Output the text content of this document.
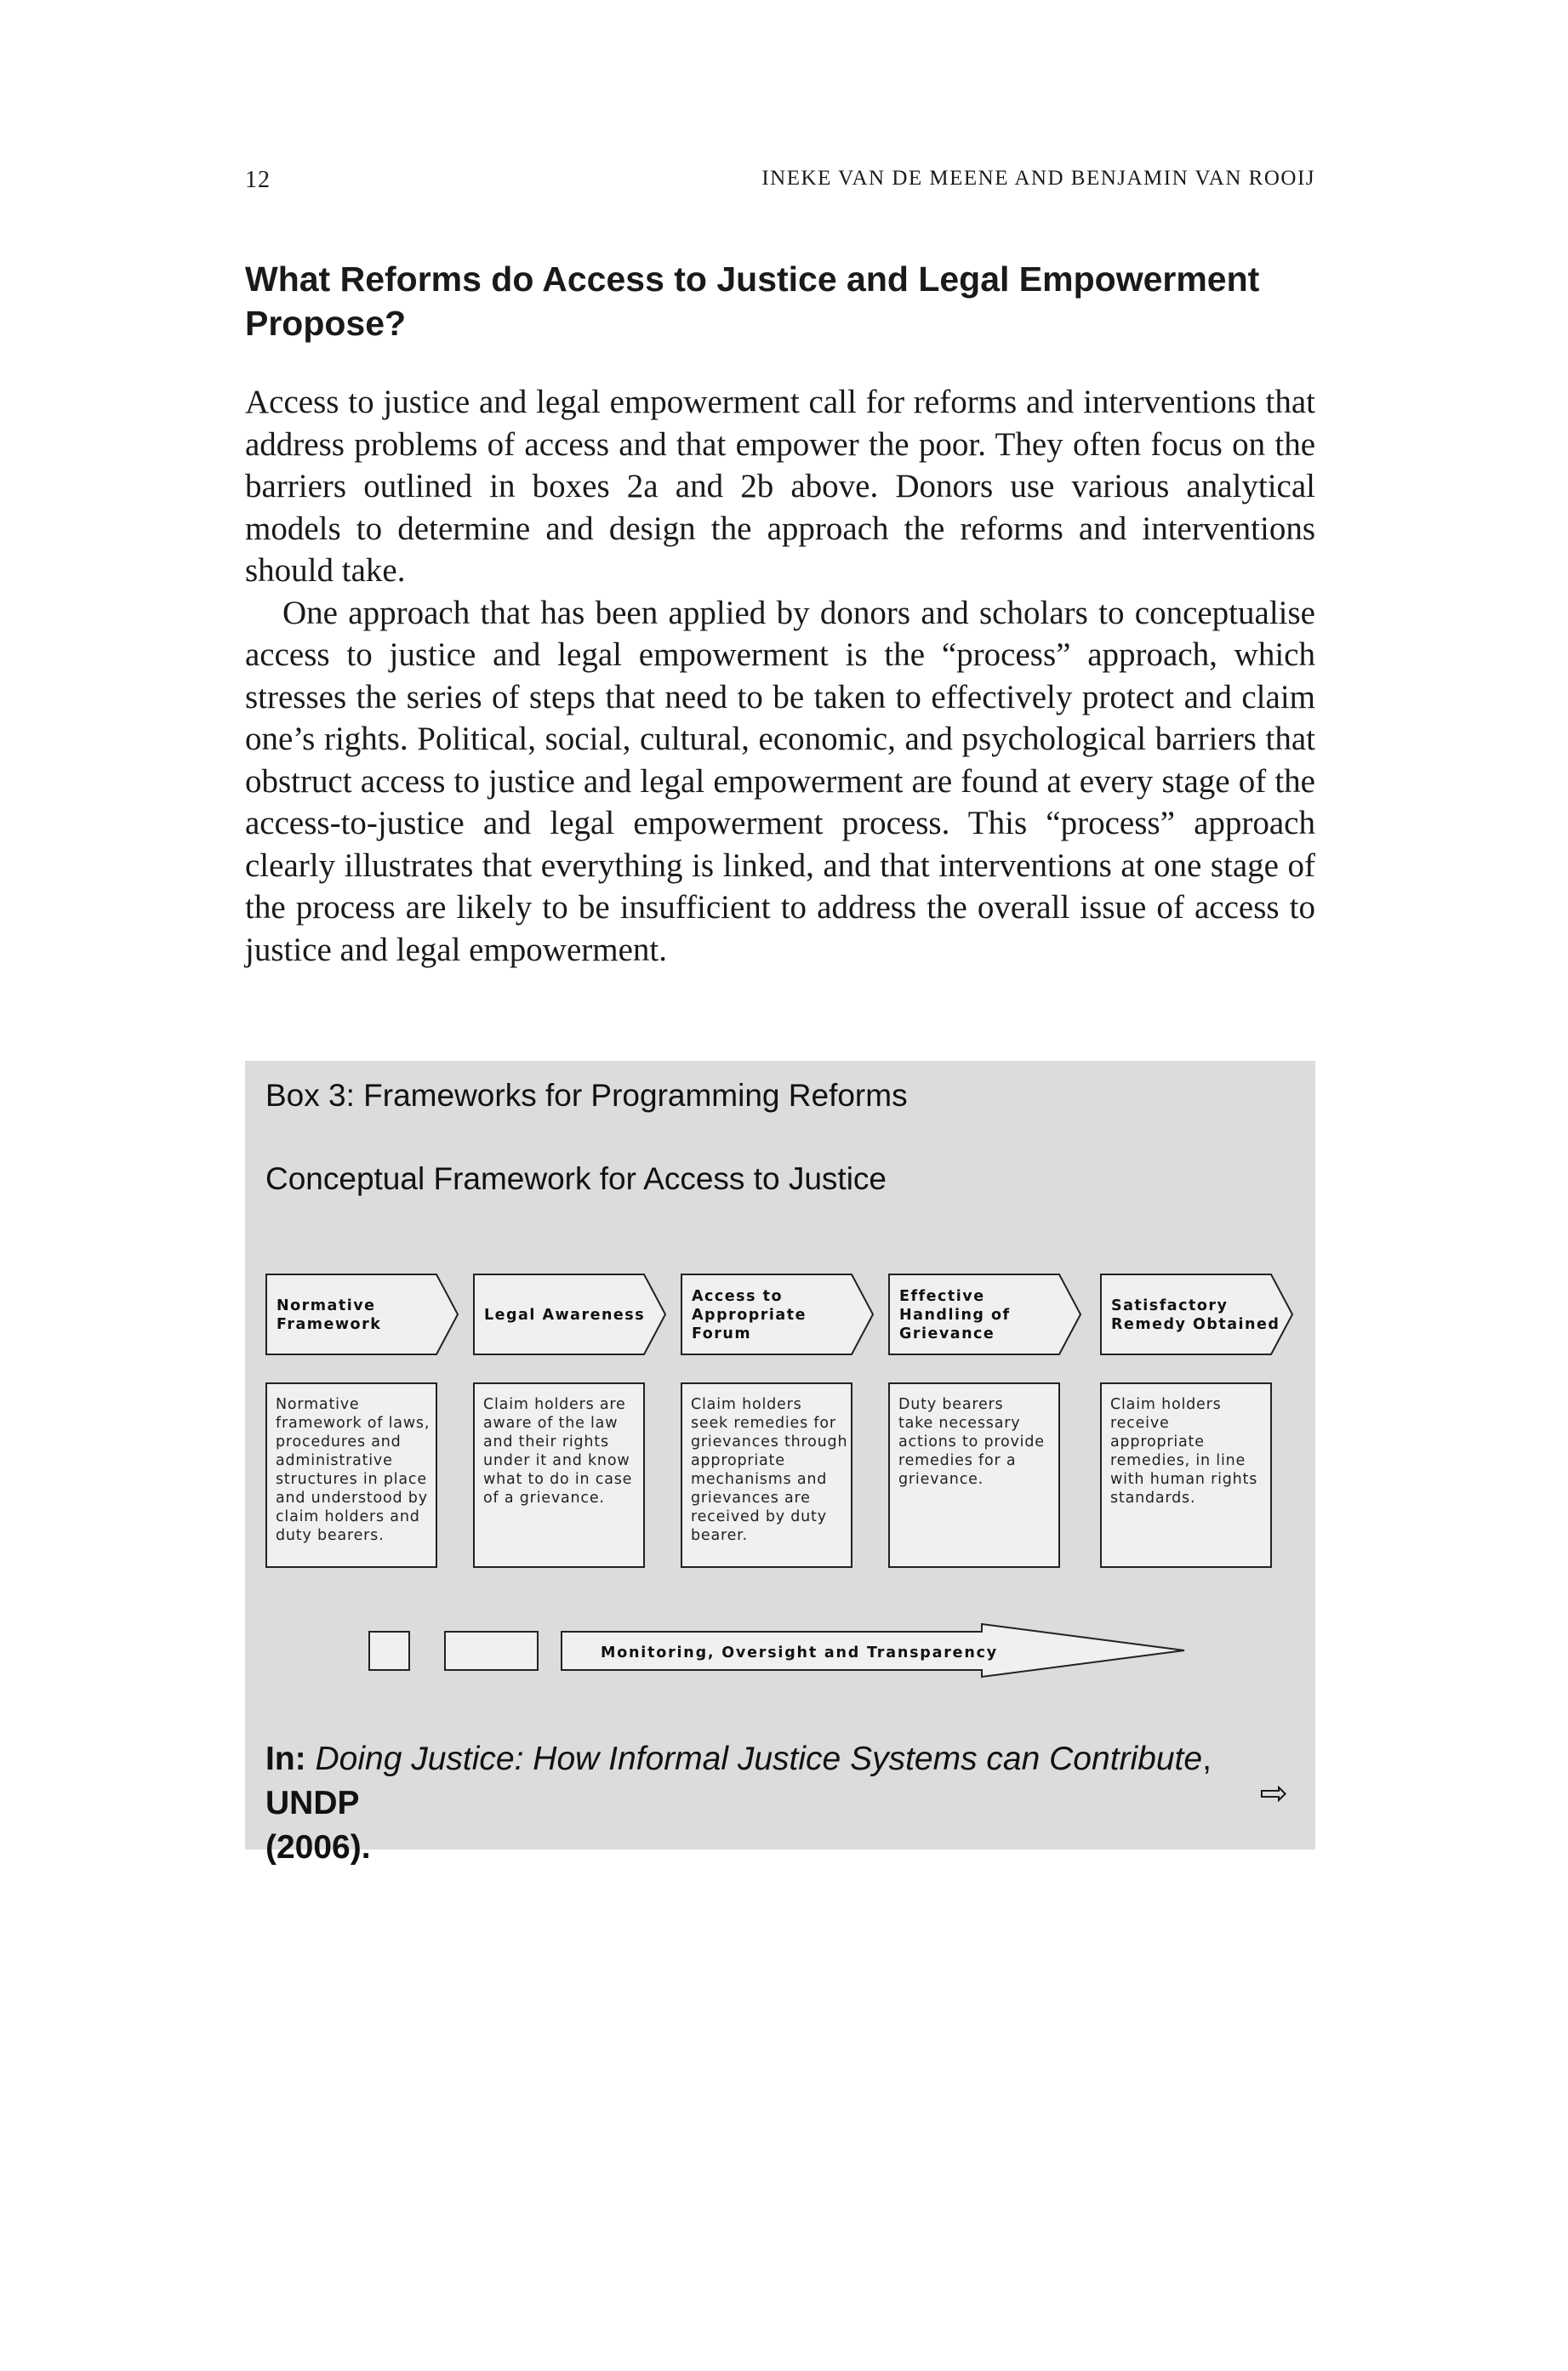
12	INEKE VAN DE MEENE AND BENJAMIN VAN ROOIJ
What Reforms do Access to Justice and Legal Empowerment
Propose?

Access to justice and legal empowerment call for reforms and interventions that address problems of access and that empower the poor. They often focus on the barriers outlined in boxes 2a and 2b above. Donors use various analytical models to determine and design the approach the reforms and interventions should take.

One approach that has been applied by donors and scholars to conceptualise access to justice and legal empowerment is the “process” approach, which stresses the series of steps that need to be taken to effectively protect and claim one’s rights. Political, social, cultural, economic, and psychological barriers that obstruct access to justice and legal empowerment are found at every stage of the access-to-justice and legal empowerment process. This “process” approach clearly illustrates that everything is linked, and that interventions at one stage of the process are likely to be insufficient to address the overall issue of access to justice and legal empowerment.

Box 3: Frameworks for Programming Reforms
Conceptual Framework for Access to Justice
Normative
Framework
Legal Awareness
Access to
Appropriate
Forum
Effective
Handling of
Grievance
Satisfactory
Remedy Obtained
Normative
framework of laws,
procedures and
administrative
structures in place
and understood by
claim holders and
duty bearers.
Claim holders are
aware of the law
and their rights
under it and know
what to do in case
of a grievance.
Claim holders
seek remedies for
grievances through
appropriate
mechanisms and
grievances are
received by duty
bearer.
Duty bearers
take necessary
actions to provide
remedies for a
grievance.
Claim holders
receive
appropriate
remedies, in line
with human rights
standards.
Monitoring, Oversight and Transparency
In: Doing Justice: How Informal Justice Systems can Contribute, UNDP
(2006).
⇨
